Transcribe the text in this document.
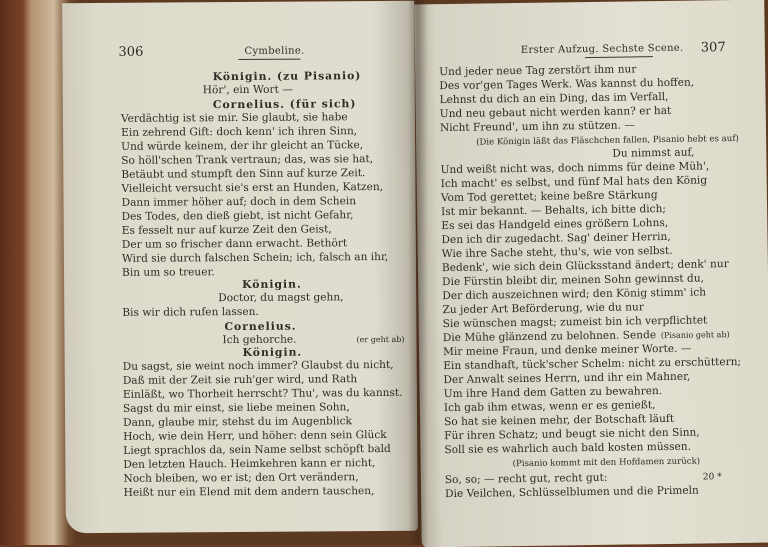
306	Cymbeline.
Königin. (zu Pisanio)
Hör', ein Wort —
Cornelius. (für sich)
Verdächtig ist sie mir. Sie glaubt, sie habe
Ein zehrend Gift: doch kenn' ich ihren Sinn,
Und würde keinem, der ihr gleicht an Tücke,
So höll'schen Trank vertraun; das, was sie hat,
Betäubt und stumpft den Sinn auf kurze Zeit.
Vielleicht versucht sie's erst an Hunden, Katzen,
Dann immer höher auf; doch in dem Schein
Des Todes, den dieß giebt, ist nicht Gefahr,
Es fesselt nur auf kurze Zeit den Geist,
Der um so frischer dann erwacht. Bethört
Wird sie durch falschen Schein; ich, falsch an ihr,
Bin um so treuer.
Königin.
Doctor, du magst gehn,
Bis wir dich rufen lassen.
Cornelius.
Ich gehorche.
Königin.
Du sagst, sie weint noch immer? Glaubst du nicht,
Daß mit der Zeit sie ruh'ger wird, und Rath
Einläßt, wo Thorheit herrscht? Thu', was du kannst.
Sagst du mir einst, sie liebe meinen Sohn,
Dann, glaube mir, stehst du im Augenblick
Hoch, wie dein Herr, und höher: denn sein Glück
Liegt sprachlos da, sein Name selbst schöpft bald
Den letzten Hauch. Heimkehren kann er nicht,
Noch bleiben, wo er ist; den Ort verändern,
Heißt nur ein Elend mit dem andern tauschen,
(er geht ab)
Erster Aufzug. Sechste Scene. 307
Und jeder neue Tag zerstört ihm nur
Des vor'gen Tages Werk. Was kannst du hoffen,
Lehnst du dich an ein Ding, das im Verfall,
Und neu gebaut nicht werden kann? er hat
Nicht Freund', um ihn zu stützen. —
(Die Königin läßt das Fläschchen fallen, Pisanio hebt es auf)
Du nimmst auf,
Und weißt nicht was, doch nimms für deine Müh',
Ich macht' es selbst, und fünf Mal hats den König
Vom Tod gerettet; keine beßre Stärkung
Ist mir bekannt. — Behalts, ich bitte dich;
Es sei das Handgeld eines größern Lohns,
Den ich dir zugedacht. Sag' deiner Herrin,
Wie ihre Sache steht, thu's, wie von selbst.
Bedenk', wie sich dein Glücksstand ändert; denk' nur
Die Fürstin bleibt dir, meinen Sohn gewinnst du,
Der dich auszeichnen wird; den König stimm' ich
Zu jeder Art Beförderung, wie du nur
Sie wünschen magst; zumeist bin ich verpflichtet
Die Mühe glänzend zu belohnen. Sende
Mir meine Fraun, und denke meiner Worte. —
Ein standhaft, tück'scher Schelm: nicht zu erschüttern;
Der Anwalt seines Herrn, und ihr ein Mahner,
Um ihre Hand dem Gatten zu bewahren.
Ich gab ihm etwas, wenn er es genießt,
So hat sie keinen mehr, der Botschaft läuft
Für ihren Schatz; und beugt sie nicht den Sinn,
Soll sie es wahrlich auch bald kosten müssen.
(Pisanio kommt mit den Hofdamen zurück)
So, so; — recht gut, recht gut:
Die Veilchen, Schlüsselblumen und die Primeln
(Pisanio geht ab)
20 *
